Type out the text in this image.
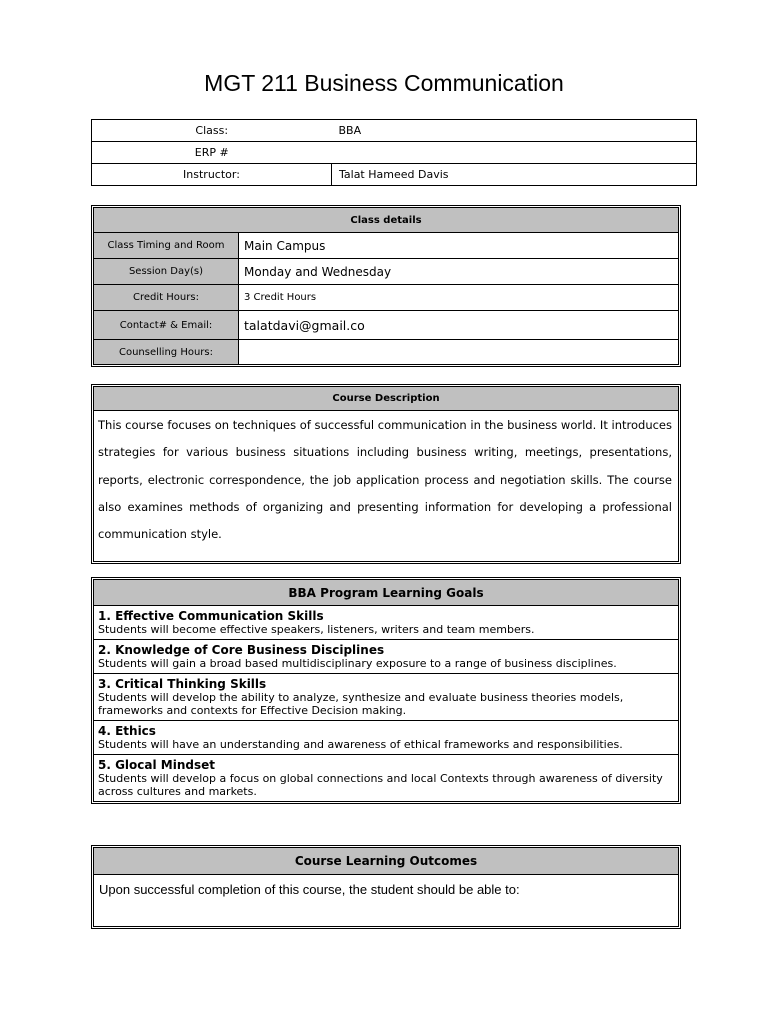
MGT 211 Business Communication
Class:	BBA
ERP #	
Instructor:	Talat Hameed Davis
Class details	
Class Timing and Room	Main Campus
Session Day(s)	Monday and Wednesday
Credit Hours:	3 Credit Hours
Contact# & Email:	talatdavi@gmail.co
Counselling Hours:	
Course Description
This course focuses on techniques of successful communication in the business world. It introduces strategies for various business situations including business writing, meetings, presentations, reports, electronic correspondence, the job application process and negotiation skills. The course also examines methods of organizing and presenting information for developing a professional communication style.
BBA Program Learning Goals

1. Effective Communication Skills
Students will become effective speakers, listeners, writers and team members.

2. Knowledge of Core Business Disciplines
Students will gain a broad based multidisciplinary exposure to a range of business disciplines.

3. Critical Thinking Skills
Students will develop the ability to analyze, synthesize and evaluate business theories models, frameworks and contexts for Effective Decision making.

4. Ethics
Students will have an understanding and awareness of ethical frameworks and responsibilities.

5. Glocal Mindset
Students will develop a focus on global connections and local Contexts through awareness of diversity across cultures and markets.
Course Learning Outcomes
Upon successful completion of this course, the student should be able to:
